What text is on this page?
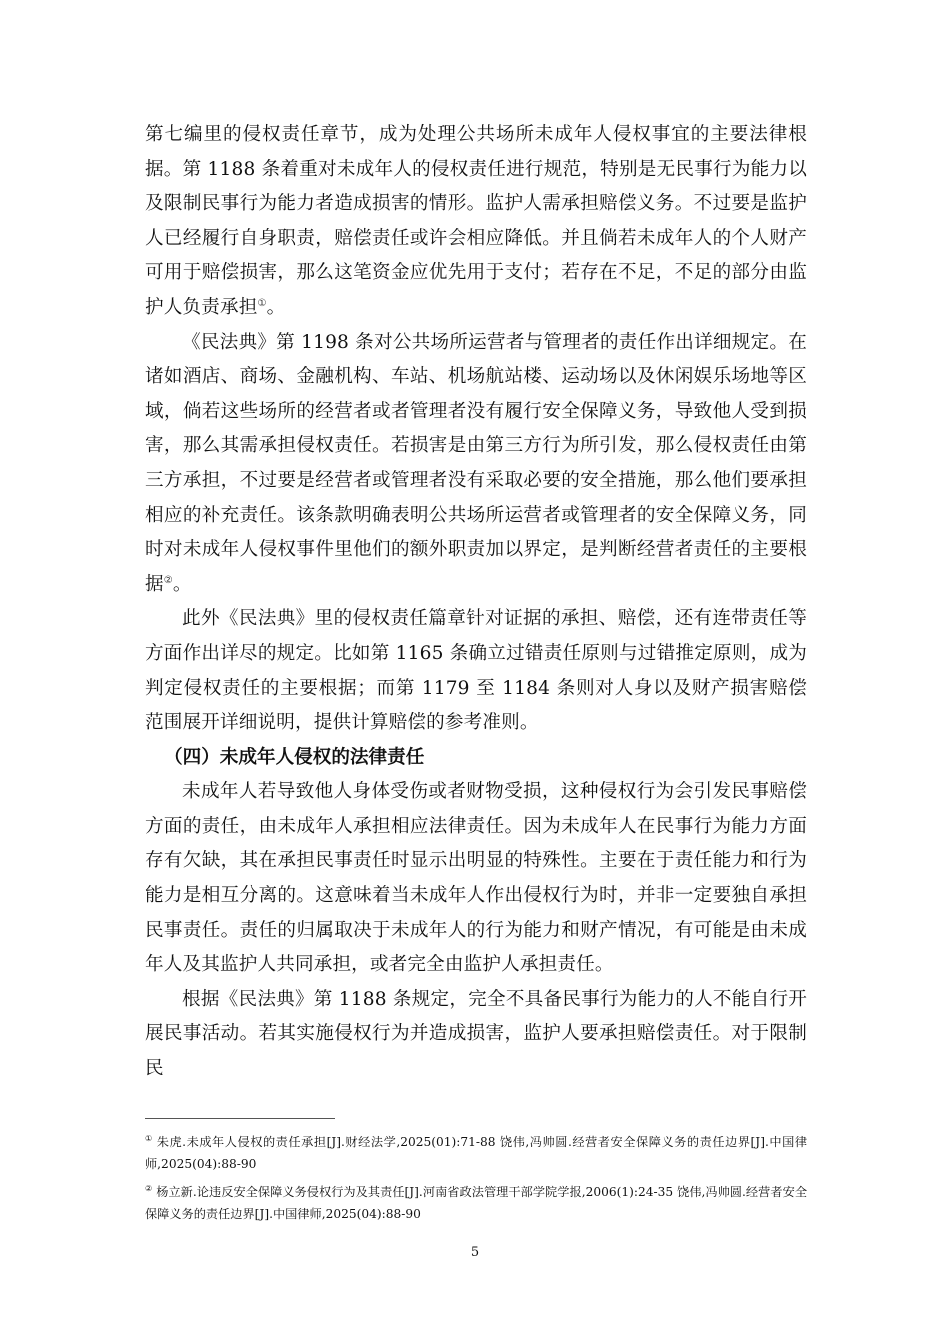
第七编里的侵权责任章节，成为处理公共场所未成年人侵权事宜的主要法律根据。第 1188 条着重对未成年人的侵权责任进行规范，特别是无民事行为能力以及限制民事行为能力者造成损害的情形。监护人需承担赔偿义务。不过要是监护人已经履行自身职责，赔偿责任或许会相应降低。并且倘若未成年人的个人财产可用于赔偿损害，那么这笔资金应优先用于支付；若存在不足，不足的部分由监护人负责承担①。

《民法典》第 1198 条对公共场所运营者与管理者的责任作出详细规定。在诸如酒店、商场、金融机构、车站、机场航站楼、运动场以及休闲娱乐场地等区域，倘若这些场所的经营者或者管理者没有履行安全保障义务，导致他人受到损害，那么其需承担侵权责任。若损害是由第三方行为所引发，那么侵权责任由第三方承担，不过要是经营者或管理者没有采取必要的安全措施，那么他们要承担相应的补充责任。该条款明确表明公共场所运营者或管理者的安全保障义务，同时对未成年人侵权事件里他们的额外职责加以界定，是判断经营者责任的主要根据②。

此外《民法典》里的侵权责任篇章针对证据的承担、赔偿，还有连带责任等方面作出详尽的规定。比如第 1165 条确立过错责任原则与过错推定原则，成为判定侵权责任的主要根据；而第 1179 至 1184 条则对人身以及财产损害赔偿范围展开详细说明，提供计算赔偿的参考准则。

（四）未成年人侵权的法律责任

未成年人若导致他人身体受伤或者财物受损，这种侵权行为会引发民事赔偿方面的责任，由未成年人承担相应法律责任。因为未成年人在民事行为能力方面存有欠缺，其在承担民事责任时显示出明显的特殊性。主要在于责任能力和行为能力是相互分离的。这意味着当未成年人作出侵权行为时，并非一定要独自承担民事责任。责任的归属取决于未成年人的行为能力和财产情况，有可能是由未成年人及其监护人共同承担，或者完全由监护人承担责任。

根据《民法典》第 1188 条规定，完全不具备民事行为能力的人不能自行开展民事活动。若其实施侵权行为并造成损害，监护人要承担赔偿责任。对于限制民

① 朱虎.未成年人侵权的责任承担[J].财经法学,2025(01):71-88 饶伟,冯帅圆.经营者安全保障义务的责任边界[J].中国律师,2025(04):88-90

② 杨立新.论违反安全保障义务侵权行为及其责任[J].河南省政法管理干部学院学报,2006(1):24-35 饶伟,冯帅圆.经营者安全保障义务的责任边界[J].中国律师,2025(04):88-90

5
